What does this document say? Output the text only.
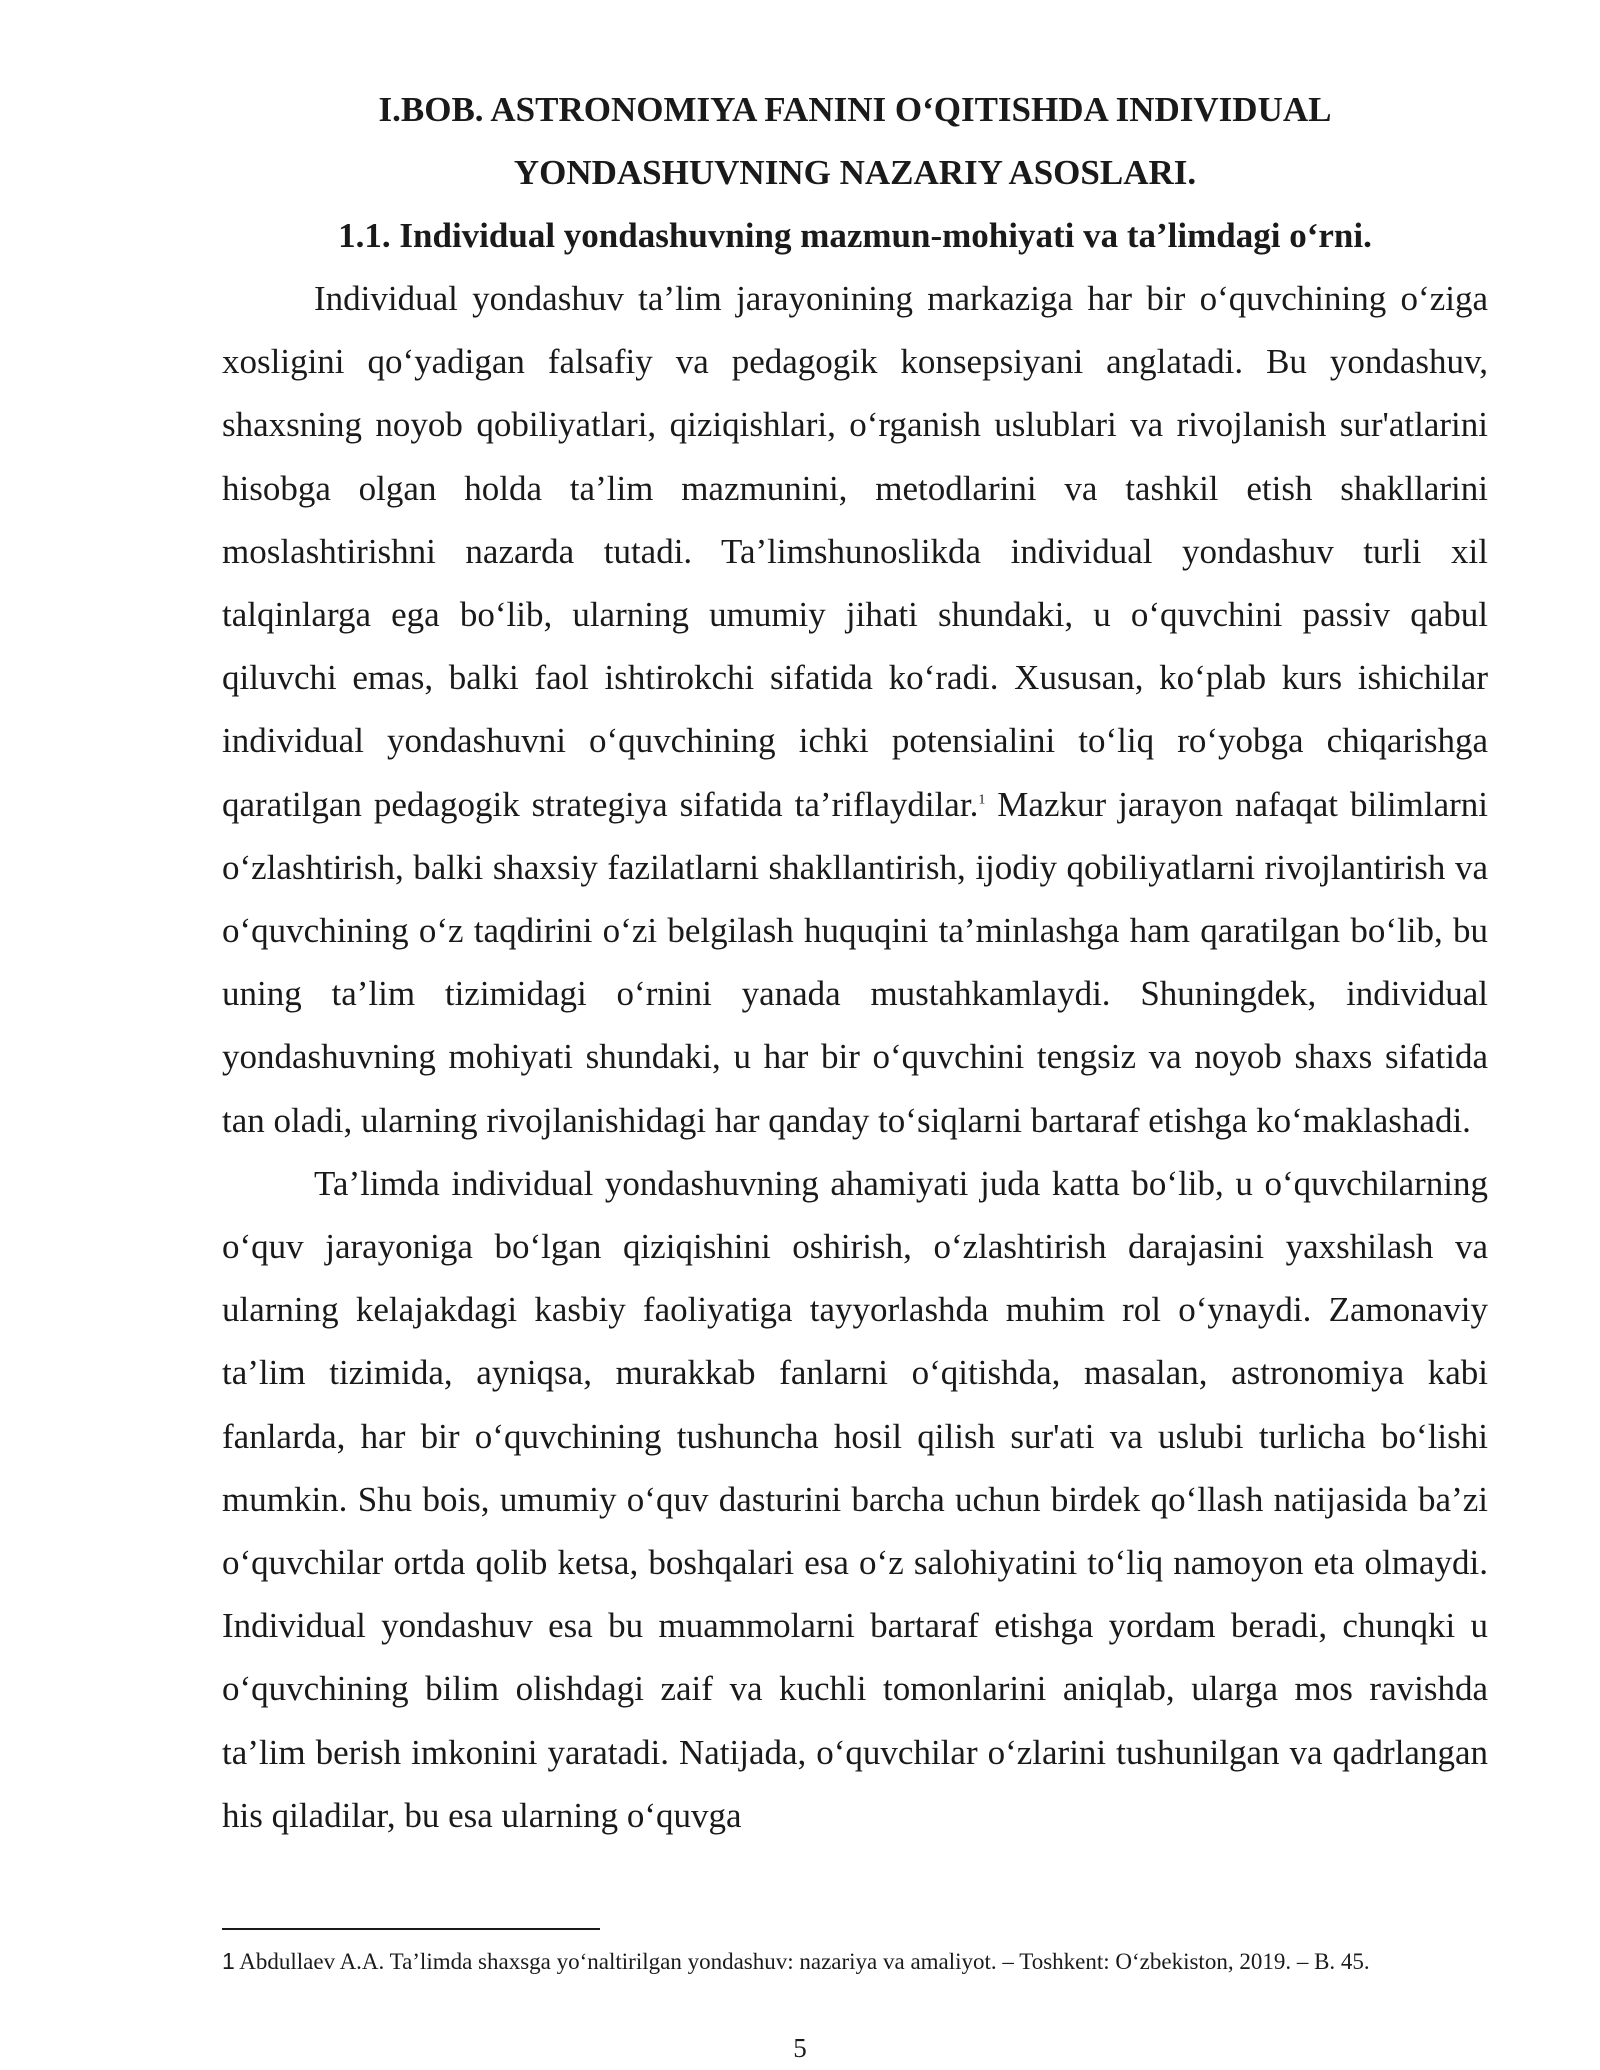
I.BOB. ASTRONOMIYA FANINI O‘QITISHDA INDIVIDUAL

YONDASHUVNING NAZARIY ASOSLARI.

1.1. Individual yondashuvning mazmun-mohiyati va ta’limdagi o‘rni.

Individual yondashuv ta’lim jarayonining markaziga har bir o‘quvchining o‘ziga xosligini qo‘yadigan falsafiy va pedagogik konsepsiyani anglatadi. Bu yondashuv, shaxsning noyob qobiliyatlari, qiziqishlari, o‘rganish uslublari va rivojlanish sur'atlarini hisobga olgan holda ta’lim mazmunini, metodlarini va tashkil etish shakllarini moslashtirishni nazarda tutadi. Ta’limshunoslikda individual yondashuv turli xil talqinlarga ega bo‘lib, ularning umumiy jihati shundaki, u o‘quvchini passiv qabul qiluvchi emas, balki faol ishtirokchi sifatida ko‘radi. Xususan, ko‘plab kurs ishichilar individual yondashuvni o‘quvchining ichki potensialini to‘liq ro‘yobga chiqarishga qaratilgan pedagogik strategiya sifatida ta’riflaydilar.$^1$ Mazkur jarayon nafaqat bilimlarni o‘zlashtirish, balki shaxsiy fazilatlarni shakllantirish, ijodiy qobiliyatlarni rivojlantirish va o‘quvchining o‘z taqdirini o‘zi belgilash huquqini ta’minlashga ham qaratilgan bo‘lib, bu uning ta’lim tizimidagi o‘rnini yanada mustahkamlaydi. Shuningdek, individual yondashuvning mohiyati shundaki, u har bir o‘quvchini tengsiz va noyob shaxs sifatida tan oladi, ularning rivojlanishidagi har qanday to‘siqlarni bartaraf etishga ko‘maklashadi.

Ta’limda individual yondashuvning ahamiyati juda katta bo‘lib, u o‘quvchilarning o‘quv jarayoniga bo‘lgan qiziqishini oshirish, o‘zlashtirish darajasini yaxshilash va ularning kelajakdagi kasbiy faoliyatiga tayyorlashda muhim rol o‘ynaydi. Zamonaviy ta’lim tizimida, ayniqsa, murakkab fanlarni o‘qitishda, masalan, astronomiya kabi fanlarda, har bir o‘quvchining tushuncha hosil qilish sur'ati va uslubi turlicha bo‘lishi mumkin. Shu bois, umumiy o‘quv dasturini barcha uchun birdek qo‘llash natijasida ba’zi o‘quvchilar ortda qolib ketsa, boshqalari esa o‘z salohiyatini to‘liq namoyon eta olmaydi. Individual yondashuv esa bu muammolarni bartaraf etishga yordam beradi, chunqki u o‘quvchining bilim olishdagi zaif va kuchli tomonlarini aniqlab, ularga mos ravishda ta’lim berish imkonini yaratadi. Natijada, o‘quvchilar o‘zlarini tushunilgan va qadrlangan his qiladilar, bu esa ularning o‘quvga

1 Abdullaev A.A. Ta’limda shaxsga yo‘naltirilgan yondashuv: nazariya va amaliyot. – Toshkent: O‘zbekiston, 2019. – B. 45.

5
